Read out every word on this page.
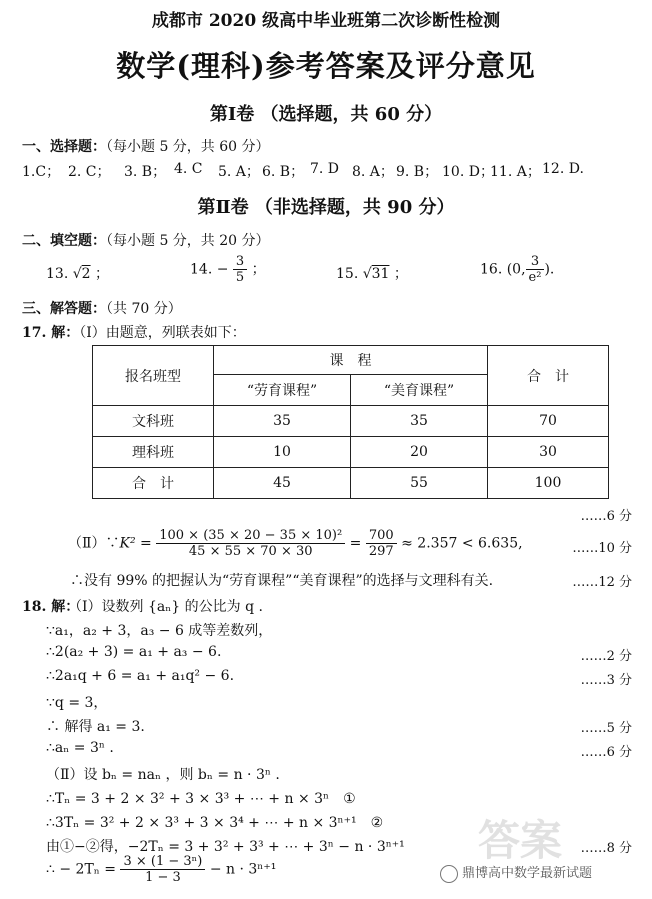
成都市 2020 级高中毕业班第二次诊断性检测
数学(理科)参考答案及评分意见
第Ⅰ卷 （选择题，共 60 分）
一、选择题：（每小题 5 分，共 60 分）
1.C； 2. C； 3. B； 4. C 5. A； 6. B； 7. D 8. A； 9. B； 10. D；
11. A； 12. D.
第Ⅱ卷 （非选择题，共 90 分）
二、填空题：（每小题 5 分，共 20 分）
13. √2 ；	14. − $\frac{3}{5}$ ；	15. √31 ；	16. (0, $\frac{3}{\text{e²}}$ ).
三、解答题：（共 70 分）
17. 解：（Ⅰ）由题意，列联表如下：
报名班型	课　程		合　计
	“劳育课程”	“美育课程”	
文科班	35	35	70
理科班	10	20	30
合　计	45	55	100
……6 分
（Ⅱ）∵K² = $\frac{\text{100 × (35 × 20 − 35 × 10)²}}{45 \times 55 \times 70 \times 30} = \frac{700}{297} \approx 2.357 < 6.635$,	……10 分
∴没有 99% 的把握认为“劳育课程”“美育课程”的选择与文理科有关.	……12 分
18. 解：
（Ⅰ）设数列 {aₙ} 的公比为 q .
∵a₁，a₂ + 3，a₃ − 6 成等差数列，
∴2(a₂ + 3) = a₁ + a₃ − 6.	……2 分
∴2a₁q + 6 = a₁ + a₁q² − 6.	……3 分
∵q = 3，
∴ 解得 a₁ = 3.	……5 分
∴aₙ = 3ⁿ .	……6 分
（Ⅱ）设 bₙ = naₙ ，则 bₙ = n · 3ⁿ .
∴Tₙ = 3 + 2 × 3² + 3 × 3³ + ⋯ + n × 3ⁿ　①
∴3Tₙ = 3² + 2 × 3³ + 3 × 3⁴ + ⋯ + n × 3ⁿ⁺¹　②
由①−②得，−2Tₙ = 3 + 3² + 3³ + ⋯ + 3ⁿ − n · 3ⁿ⁺¹	……8 分
∴ − $2T_n = \frac{\text{3 × (1 − 3ⁿ)}}{1 - 3} - n \cdot 3^{n+1}$
答案
鼎博高中数学最新试题
